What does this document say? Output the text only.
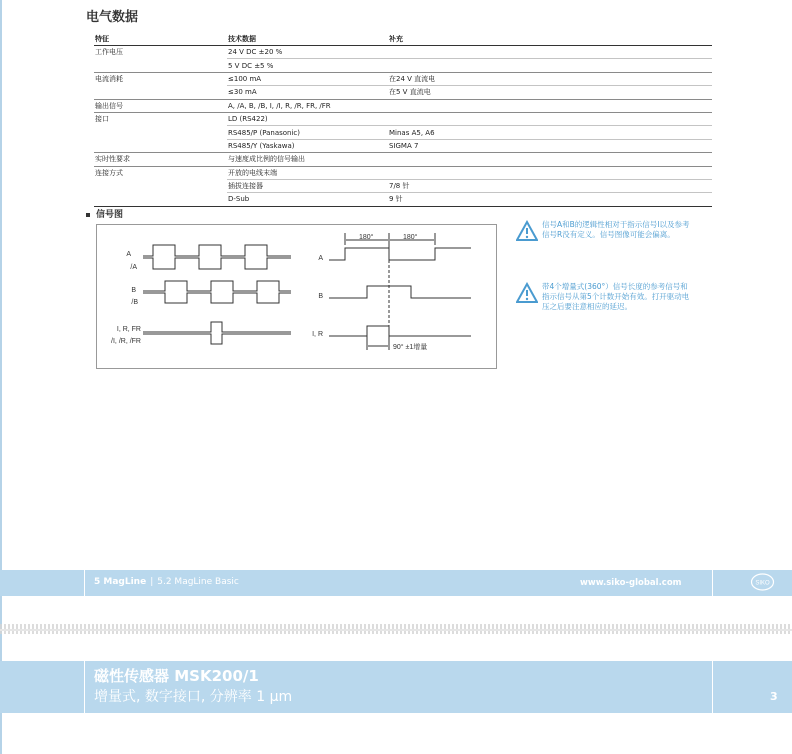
电气数据
特征	技术数据	补充
工作电压	24 V DC ±20 %	
	5 V DC ±5 %	
电流消耗	≤100 mA	在24 V 直流电
	≤30 mA	在5 V 直流电
输出信号	A, /A, B, /B, I, /I, R, /R, FR, /FR	
接口	LD (RS422)	
	RS485/P (Panasonic)	Minas A5, A6
	RS485/Y (Yaskawa)	SIGMA 7
实时性要求	与速度成比例的信号输出	
连接方式	开放的电线末端	
	插拔连接器	7/8 针
	D-Sub	9 针
信号图
A
/A
B
/B
I, R, FR
/I, /R, /FR
A
B
I, R
180°	180°
90° ±1增量
信号A和B的逻辑性相对于指示信号I以及参考信号R没有定义。信号图像可能会偏离。
带4个增量式(360°）信号长度的参考信号和指示信号从第5个计数开始有效。打开驱动电压之后要注意相应的延迟。
5 MagLine | 5.2 MagLine Basic	www.siko-global.com	SIKO
磁性传感器 MSK200/1
增量式, 数字接口, 分辨率 1 μm	3
